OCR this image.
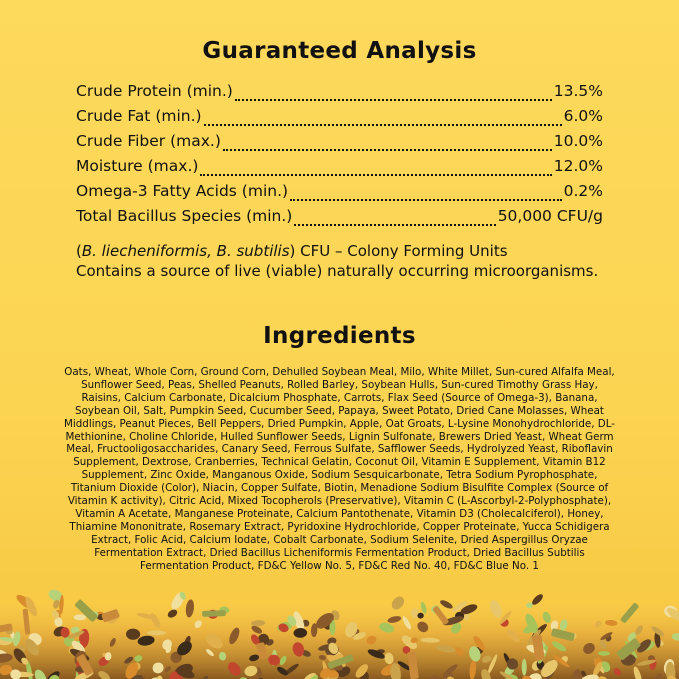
Guaranteed Analysis
Crude Protein (min.)	13.5%
Crude Fat (min.)	6.0%
Crude Fiber (max.)	10.0%
Moisture (max.)	12.0%
Omega-3 Fatty Acids (min.)	0.2%
Total Bacillus Species (min.)	50,000 CFU/g
(B. liecheniformis, B. subtilis) CFU – Colony Forming Units
Contains a source of live (viable) naturally occurring microorganisms.
Ingredients
Oats, Wheat, Whole Corn, Ground Corn, Dehulled Soybean Meal, Milo, White Millet, Sun-cured Alfalfa Meal, Sunflower Seed, Peas, Shelled Peanuts, Rolled Barley, Soybean Hulls, Sun-cured Timothy Grass Hay, Raisins, Calcium Carbonate, Dicalcium Phosphate, Carrots, Flax Seed (Source of Omega-3), Banana, Soybean Oil, Salt, Pumpkin Seed, Cucumber Seed, Papaya, Sweet Potato, Dried Cane Molasses, Wheat Middlings, Peanut Pieces, Bell Peppers, Dried Pumpkin, Apple, Oat Groats, L-Lysine Monohydrochloride, DL-Methionine, Choline Chloride, Hulled Sunflower Seeds, Lignin Sulfonate, Brewers Dried Yeast, Wheat Germ Meal, Fructooligosaccharides, Canary Seed, Ferrous Sulfate, Safflower Seeds, Hydrolyzed Yeast, Riboflavin Supplement, Dextrose, Cranberries, Technical Gelatin, Coconut Oil, Vitamin E Supplement, Vitamin B12 Supplement, Zinc Oxide, Manganous Oxide, Sodium Sesquicarbonate, Tetra Sodium Pyrophosphate, Titanium Dioxide (Color), Niacin, Copper Sulfate, Biotin, Menadione Sodium Bisulfite Complex (Source of Vitamin K activity), Citric Acid, Mixed Tocopherols (Preservative), Vitamin C (L-Ascorbyl-2-Polyphosphate), Vitamin A Acetate, Manganese Proteinate, Calcium Pantothenate, Vitamin D3 (Cholecalciferol), Honey, Thiamine Mononitrate, Rosemary Extract, Pyridoxine Hydrochloride, Copper Proteinate, Yucca Schidigera Extract, Folic Acid, Calcium Iodate, Cobalt Carbonate, Sodium Selenite, Dried Aspergillus Oryzae Fermentation Extract, Dried Bacillus Licheniformis Fermentation Product, Dried Bacillus Subtilis Fermentation Product, FD&C Yellow No. 5, FD&C Red No. 40, FD&C Blue No. 1
